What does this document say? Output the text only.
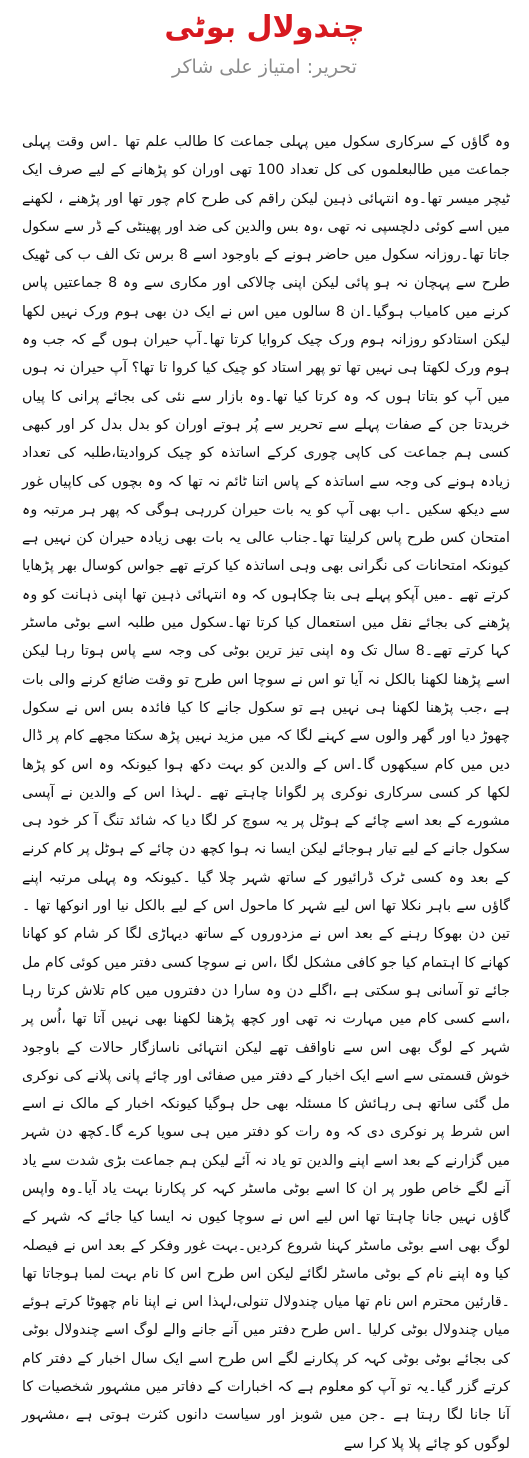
چندولال بوٹی

تحریر: امتیاز علی شاکر

وہ گاؤں کے سرکاری سکول میں پہلی جماعت کا طالب علم تھا ۔اس وقت پہلی جماعت میں طالبعلموں کی کل تعداد 100 تھی اوران کو پڑھانے کے لیے صرف ایک ٹیچر میسر تھا۔وہ انتہائی ذہین لیکن راقم کی طرح کام چور تھا اور پڑھنے ، لکھنے میں اسے کوئی دلچسپی نہ تھی ،وہ بس والدین کی ضد اور پھینٹی کے ڈر سے سکول جاتا تھا۔روزانہ سکول میں حاضر ہونے کے باوجود اسے 8 برس تک الف ب کی ٹھیک طرح سے پہچان نہ ہو پائی لیکن اپنی چالاکی اور مکاری سے وہ 8 جماعتیں پاس کرنے میں کامیاب ہوگیا۔ان 8 سالوں میں اس نے ایک دن بھی ہوم ورک نہیں لکھا لیکن استادکو روزانہ ہوم ورک چیک کروایا کرتا تھا۔آپ حیران ہوں گے کہ جب وہ ہوم ورک لکھتا ہی نہیں تھا تو پھر استاد کو چیک کیا کروا تا تھا؟ آپ حیران نہ ہوں میں آپ کو بتاتا ہوں کہ وہ کرتا کیا تھا۔وہ بازار سے نئی کی بجائے پرانی کا پیاں خریدتا جن کے صفات پہلے سے تحریر سے پُر ہوتے اوران کو بدل بدل کر اور کبھی کسی ہم جماعت کی کاپی چوری کرکے اساتذہ کو چیک کروادیتا،طلبہ کی تعداد زیادہ ہونے کی وجہ سے اساتذہ کے پاس اتنا ٹائم نہ تھا کہ وہ بچوں کی کاپیاں غور سے دیکھ سکیں ۔اب بھی آپ کو یہ بات حیران کررہی ہوگی کہ پھر ہر مرتبہ وہ امتحان کس طرح پاس کرلیتا تھا۔جناب عالی یہ بات بھی زیادہ حیران کن نہیں ہے کیونکہ امتحانات کی نگرانی بھی وہی اساتذہ کیا کرتے تھے جواس کوسال بھر پڑھایا کرتے تھے ۔میں آپکو پہلے ہی بتا چکاہوں کہ وہ انتہائی ذہین تھا اپنی ذہانت کو وہ پڑھنے کی بجائے نقل میں استعمال کیا کرتا تھا۔سکول میں طلبہ اسے بوٹی ماسٹر کہا کرتے تھے۔8 سال تک وہ اپنی تیز ترین بوٹی کی وجہ سے پاس ہوتا رہا لیکن اسے پڑھنا لکھنا بالکل نہ آیا تو اس نے سوچا اس طرح تو وقت ضائع کرنے والی بات ہے ،جب پڑھنا لکھنا ہی نہیں ہے تو سکول جانے کا کیا فائدہ بس اس نے سکول چھوڑ دیا اور گھر والوں سے کہنے لگا کہ میں مزید نہیں پڑھ سکتا مجھے کام پر ڈال دیں میں کام سیکھوں گا۔اس کے والدین کو بہت دکھ ہوا کیونکہ وہ اس کو پڑھا لکھا کر کسی سرکاری نوکری پر لگوانا چاہتے تھے ۔لہذا اس کے والدین نے آپسی مشورے کے بعد اسے چائے کے ہوٹل پر یہ سوچ کر لگا دیا کہ شائد تنگ آ کر خود ہی سکول جانے کے لیے تیار ہوجائے لیکن ایسا نہ ہوا کچھ دن چائے کے ہوٹل پر کام کرنے کے بعد وہ کسی ٹرک ڈرائیور کے ساتھ شہر چلا گیا ۔کیونکہ وہ پہلی مرتبہ اپنے گاؤں سے باہر نکلا تھا اس لیے شہر کا ماحول اس کے لیے بالکل نیا اور انوکھا تھا ۔تین دن بھوکا رہنے کے بعد اس نے مزدوروں کے ساتھ دیہاڑی لگا کر شام کو کھانا کھانے کا اہتمام کیا جو کافی مشکل لگا ،اس نے سوچا کسی دفتر میں کوئی کام مل جائے تو آسانی ہو سکتی ہے ،اگلے دن وہ سارا دن دفتروں میں کام تلاش کرتا رہا ،اسے کسی کام میں مہارت نہ تھی اور کچھ پڑھنا لکھنا بھی نہیں آتا تھا ،اُس پر شہر کے لوگ بھی اس سے ناواقف تھے لیکن انتہائی ناسازگار حالات کے باوجود خوش قسمتی سے اسے ایک اخبار کے دفتر میں صفائی اور چائے پانی پلانے کی نوکری مل گئی ساتھ ہی رہائش کا مسئلہ بھی حل ہوگیا کیونکہ اخبار کے مالک نے اسے اس شرط پر نوکری دی کہ وہ رات کو دفتر میں ہی سویا کرے گا۔کچھ دن شہر میں گزارنے کے بعد اسے اپنے والدین تو یاد نہ آئے لیکن ہم جماعت بڑی شدت سے یاد آنے لگے خاص طور پر ان کا اسے بوٹی ماسٹر کہہ کر پکارنا بہت یاد آیا۔وہ واپس گاؤں نہیں جانا چاہتا تھا اس لیے اس نے سوچا کیوں نہ ایسا کیا جائے کہ شہر کے لوگ بھی اسے بوٹی ماسٹر کہنا شروع کردیں۔بہت غور وفکر کے بعد اس نے فیصلہ کیا وہ اپنے نام کے بوٹی ماسٹر لگائے لیکن اس طرح اس کا نام بہت لمبا ہوجاتا تھا ۔قارئین محترم اس نام تھا میاں چندولال تنولی،لہذا اس نے اپنا نام چھوٹا کرتے ہوئے میاں چندولال بوٹی کرلیا ۔اس طرح دفتر میں آنے جانے والے لوگ اسے چندولال بوٹی کی بجائے بوٹی بوٹی کہہ کر پکارنے لگے اس طرح اسے ایک سال اخبار کے دفتر کام کرتے گزر گیا۔یہ تو آپ کو معلوم ہے کہ اخبارات کے دفاتر میں مشہور شخصیات کا آنا جانا لگا رہتا ہے ۔جن میں شوبز اور سیاست دانوں کثرت ہوتی ہے ،مشہور لوگوں کو چائے پلا پلا کرا سے
